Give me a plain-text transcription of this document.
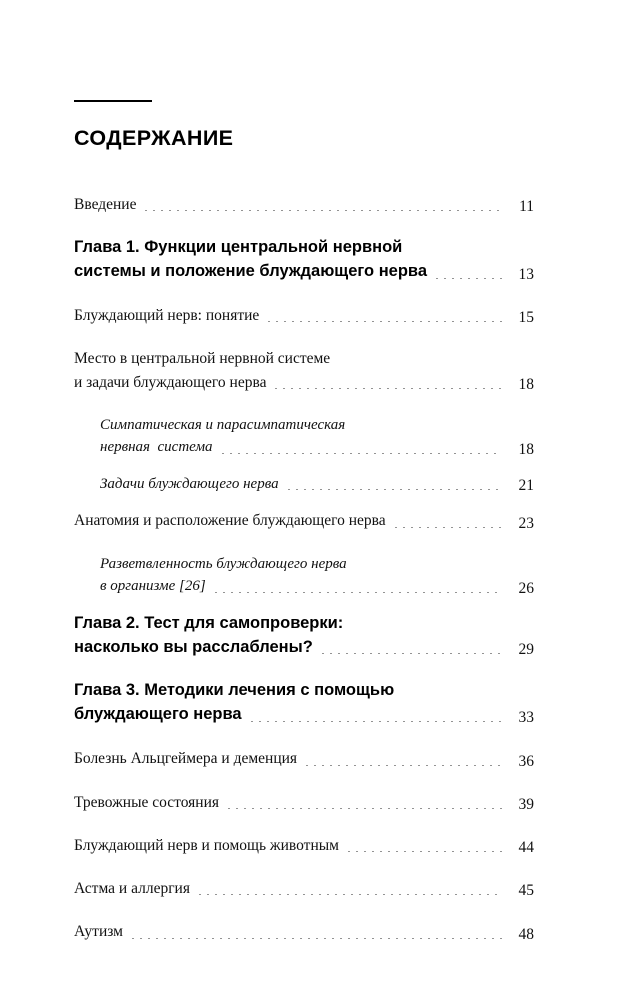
СОДЕРЖАНИЕ
Введение	11
Глава 1. Функции центральной нервной
системы и положение блуждающего нерва	13
Блуждающий нерв: понятие	15
Место в центральной нервной системе
и задачи блуждающего нерва	18
Симпатическая и парасимпатическая
нервная  система	18
Задачи блуждающего нерва	21
Анатомия и расположение блуждающего нерва	23
Разветвленность блуждающего нерва
в организме [26]	26
Глава 2. Тест для самопроверки:
насколько вы расслаблены?	29
Глава 3. Методики лечения с помощью
блуждающего нерва	33
Болезнь Альцгеймера и деменция	36
Тревожные состояния	39
Блуждающий нерв и помощь животным	44
Астма и аллергия	45
Аутизм	48
